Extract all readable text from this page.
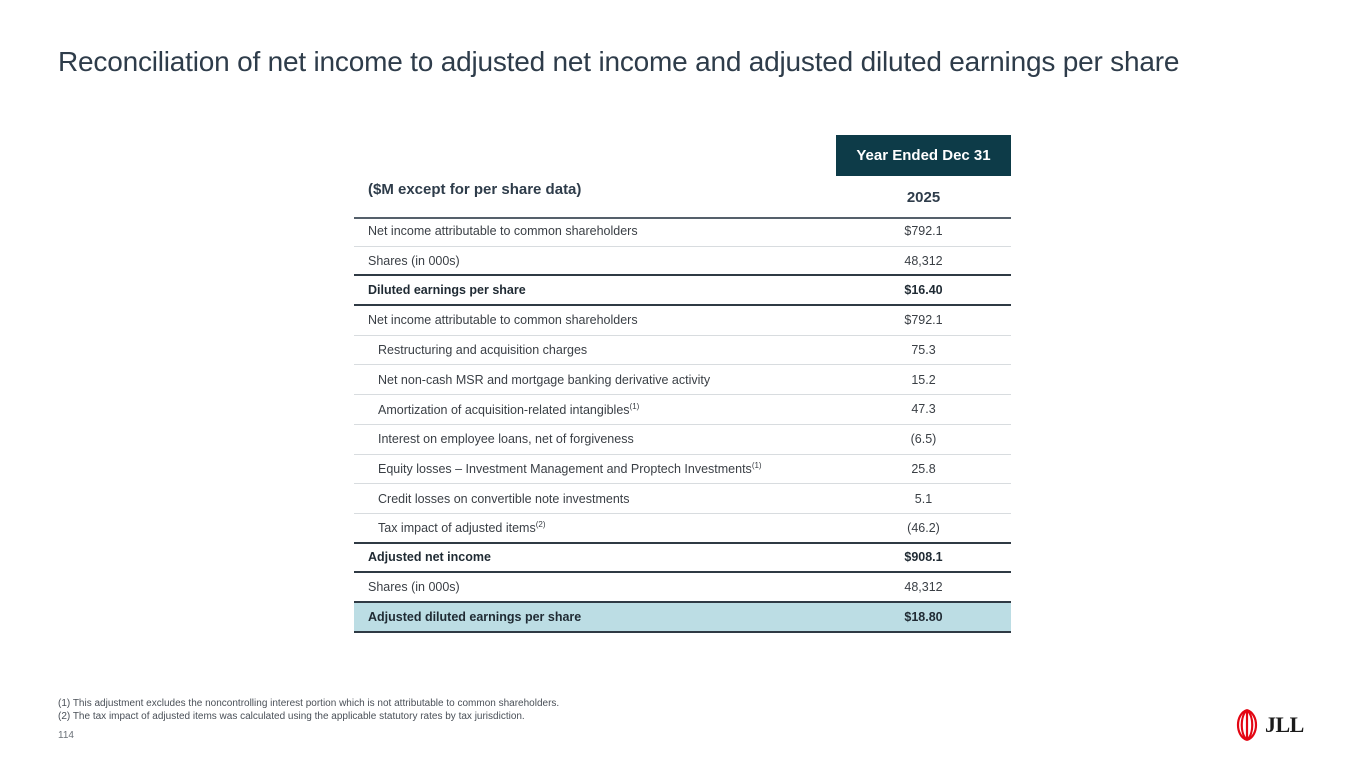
Reconciliation of net income to adjusted net income and adjusted diluted earnings per share
Year Ended Dec 31
($M except for per share data)	2025
Net income attributable to common shareholders	$792.1
Shares (in 000s)	48,312
Diluted earnings per share	$16.40
Net income attributable to common shareholders	$792.1
Restructuring and acquisition charges	75.3
Net non-cash MSR and mortgage banking derivative activity	15.2
Amortization of acquisition-related intangibles$^{(1)}$	47.3
Interest on employee loans, net of forgiveness	(6.5)
Equity losses – Investment Management and Proptech Investments$^{(1)}$	25.8
Credit losses on convertible note investments	5.1
Tax impact of adjusted items$^{(2)}$	(46.2)
Adjusted net income	$908.1
Shares (in 000s)	48,312
Adjusted diluted earnings per share	$18.80
(1) This adjustment excludes the noncontrolling interest portion which is not attributable to common shareholders.
(2) The tax impact of adjusted items was calculated using the applicable statutory rates by tax jurisdiction.
114	JLL
